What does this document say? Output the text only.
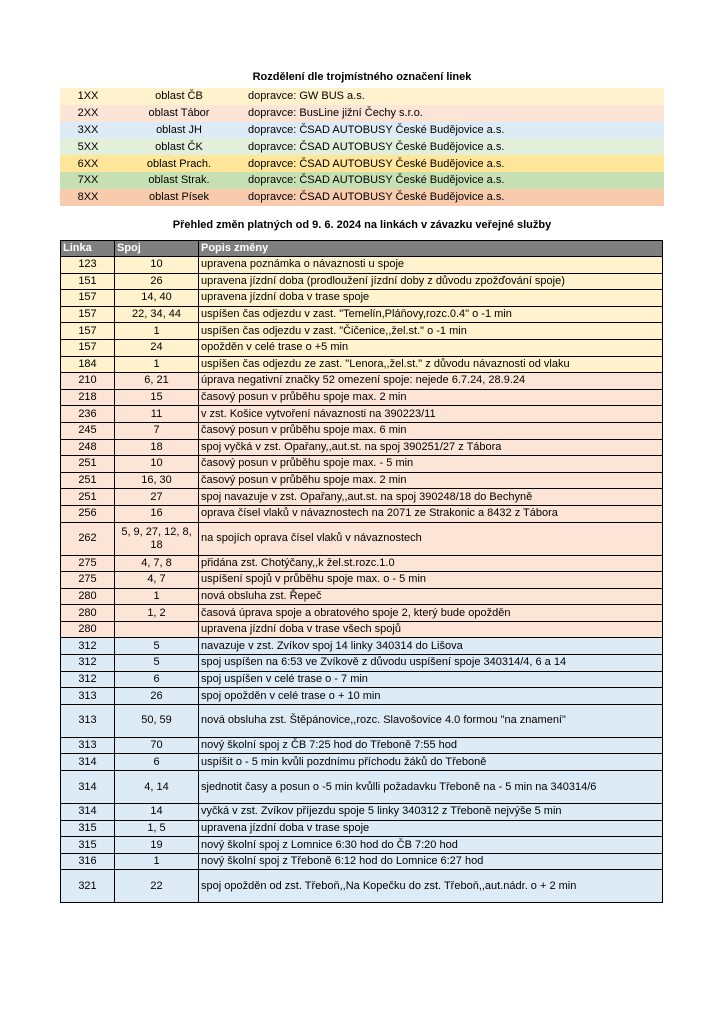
Rozdělení dle trojmístného označení linek
1XX	oblast ČB	dopravce: GW BUS a.s.
2XX	oblast Tábor	dopravce: BusLine jižní Čechy s.r.o.
3XX	oblast JH	dopravce: ČSAD AUTOBUSY České Budějovice a.s.
5XX	oblast ČK	dopravce: ČSAD AUTOBUSY České Budějovice a.s.
6XX	oblast Prach.	dopravce: ČSAD AUTOBUSY České Budějovice a.s.
7XX	oblast Strak.	dopravce: ČSAD AUTOBUSY České Budějovice a.s.
8XX	oblast Písek	dopravce: ČSAD AUTOBUSY České Budějovice a.s.
Přehled změn platných od 9. 6. 2024 na linkách v závazku veřejné služby
Linka	Spoj	Popis změny
123	10	upravena poznámka o návaznosti u spoje
151	26	upravena jízdní doba (prodloužení jízdní doby z důvodu zpožďování spoje)
157	14, 40	upravena jízdní doba v trase spoje
157	22, 34, 44	uspíšen čas odjezdu v zast. "Temelín,Pláňovy,rozc.0.4" o -1 min
157	1	uspíšen čas odjezdu v zast. "Čičenice,,žel.st." o -1 min
157	24	opožděn v celé trase o +5 min
184	1	uspíšen čas odjezdu ze zast. "Lenora,,žel.st." z důvodu návaznosti od vlaku
210	6, 21	úprava negativní značky 52 omezení spoje: nejede 6.7.24, 28.9.24
218	15	časový posun v průběhu spoje max. 2 min
236	11	v zst. Košice vytvoření návaznosti na 390223/11
245	7	časový posun v průběhu spoje max. 6 min
248	18	spoj vyčká v zst. Opařany,,aut.st. na spoj 390251/27 z Tábora
251	10	časový posun v průběhu spoje max. - 5 min
251	16, 30	časový posun v průběhu spoje max. 2 min
251	27	spoj navazuje v zst. Opařany,,aut.st. na spoj 390248/18 do Bechyně
256	16	oprava čísel vlaků v návaznostech na 2071 ze Strakonic a 8432 z Tábora
262	5, 9, 27, 12, 8, 18	na spojích oprava čísel vlaků v návaznostech
275	4, 7, 8	přidána zst. Chotýčany,,k žel.st.rozc.1.0
275	4, 7	uspíšení spojů v průběhu spoje max. o - 5 min
280	1	nová obsluha zst. Řepeč
280	1, 2	časová úprava spoje a obratového spoje 2, který bude opožděn
280		upravena jízdní doba v trase všech spojů
312	5	navazuje v zst. Zvíkov spoj 14 linky 340314 do Lišova
312	5	spoj uspíšen na 6:53 ve Zvíkově z důvodu uspíšení spoje 340314/4, 6 a 14
312	6	spoj uspíšen v celé trase o - 7 min
313	26	spoj opožděn v celé trase o + 10 min
313	50, 59	nová obsluha zst. Štěpánovice,,rozc. Slavošovice 4.0 formou "na znamení"
313	70	nový školní spoj z ČB 7:25 hod do Třeboně 7:55 hod
314	6	uspíšit o - 5 min kvůli pozdnímu příchodu žáků do Třeboně
314	4, 14	sjednotit časy a posun o -5 min kvůlli požadavku Třeboně na - 5 min na 340314/6
314	14	vyčká v zst. Zvíkov příjezdu spoje 5 linky 340312 z Třeboně nejvýše 5 min
315	1, 5	upravena jízdní doba v trase spoje
315	19	nový školní spoj z Lomnice 6:30 hod do ČB 7:20 hod
316	1	nový školní spoj z Třeboně 6:12 hod do Lomnice 6:27 hod
321	22	spoj opožděn od zst. Třeboň,,Na Kopečku do zst. Třeboň,,aut.nádr. o + 2 min
